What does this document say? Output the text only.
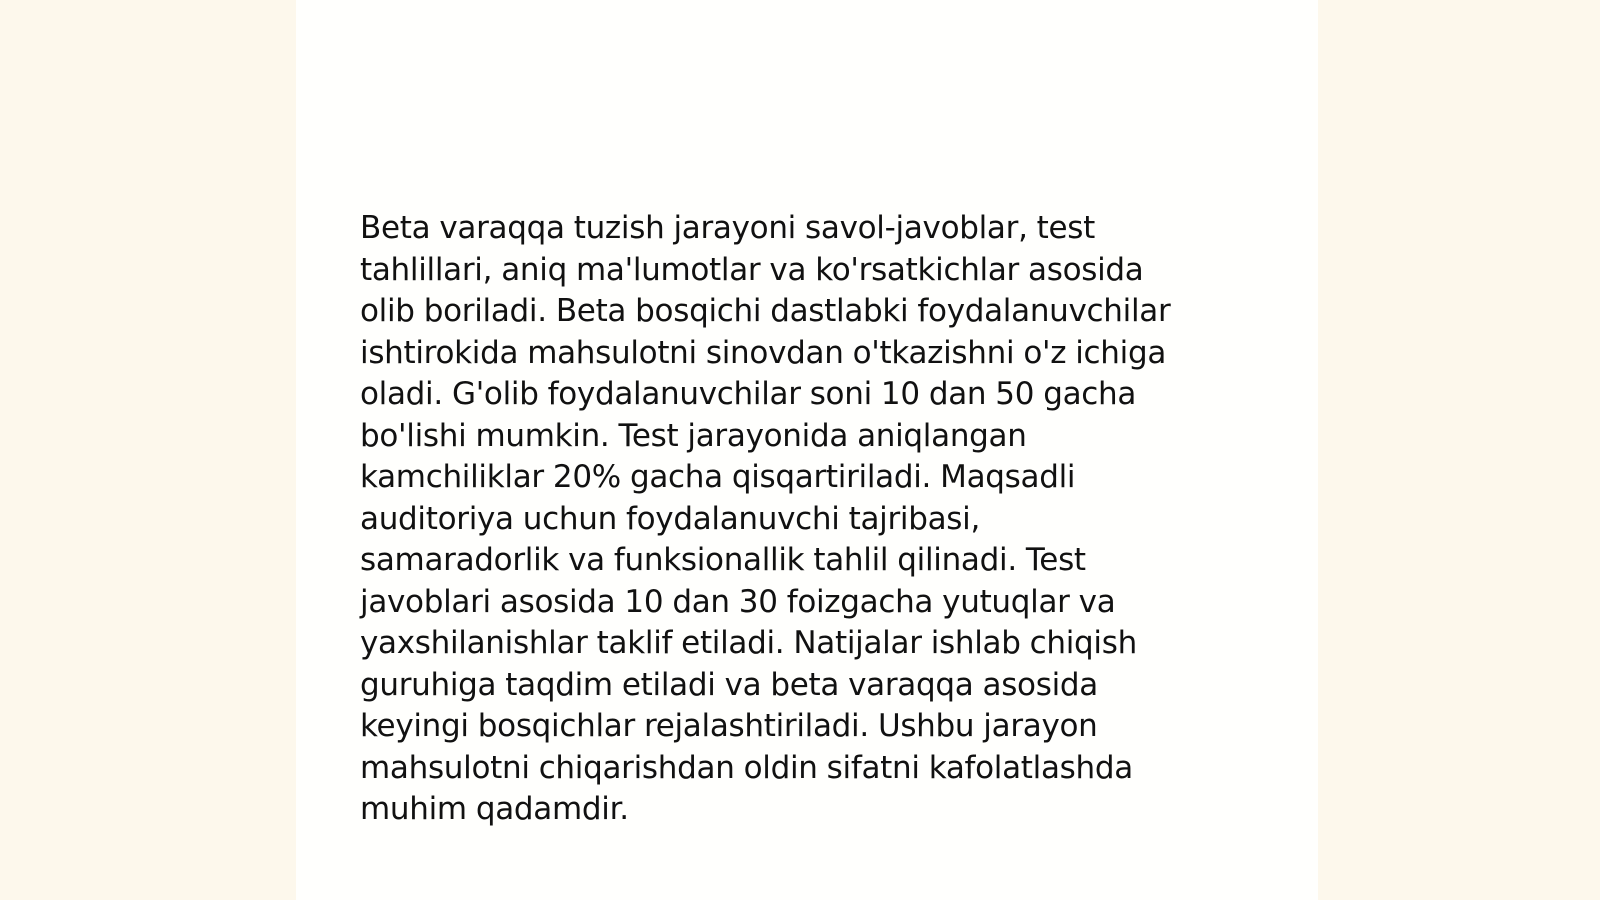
Beta varaqqa tuzish jarayoni savol-javoblar, test
tahlillari, aniq ma'lumotlar va ko'rsatkichlar asosida
olib boriladi. Beta bosqichi dastlabki foydalanuvchilar
ishtirokida mahsulotni sinovdan o'tkazishni o'z ichiga
oladi. G'olib foydalanuvchilar soni 10 dan 50 gacha
bo'lishi mumkin. Test jarayonida aniqlangan
kamchiliklar 20% gacha qisqartiriladi. Maqsadli
auditoriya uchun foydalanuvchi tajribasi,
samaradorlik va funksionallik tahlil qilinadi. Test
javoblari asosida 10 dan 30 foizgacha yutuqlar va
yaxshilanishlar taklif etiladi. Natijalar ishlab chiqish
guruhiga taqdim etiladi va beta varaqqa asosida
keyingi bosqichlar rejalashtiriladi. Ushbu jarayon
mahsulotni chiqarishdan oldin sifatni kafolatlashda
muhim qadamdir.
